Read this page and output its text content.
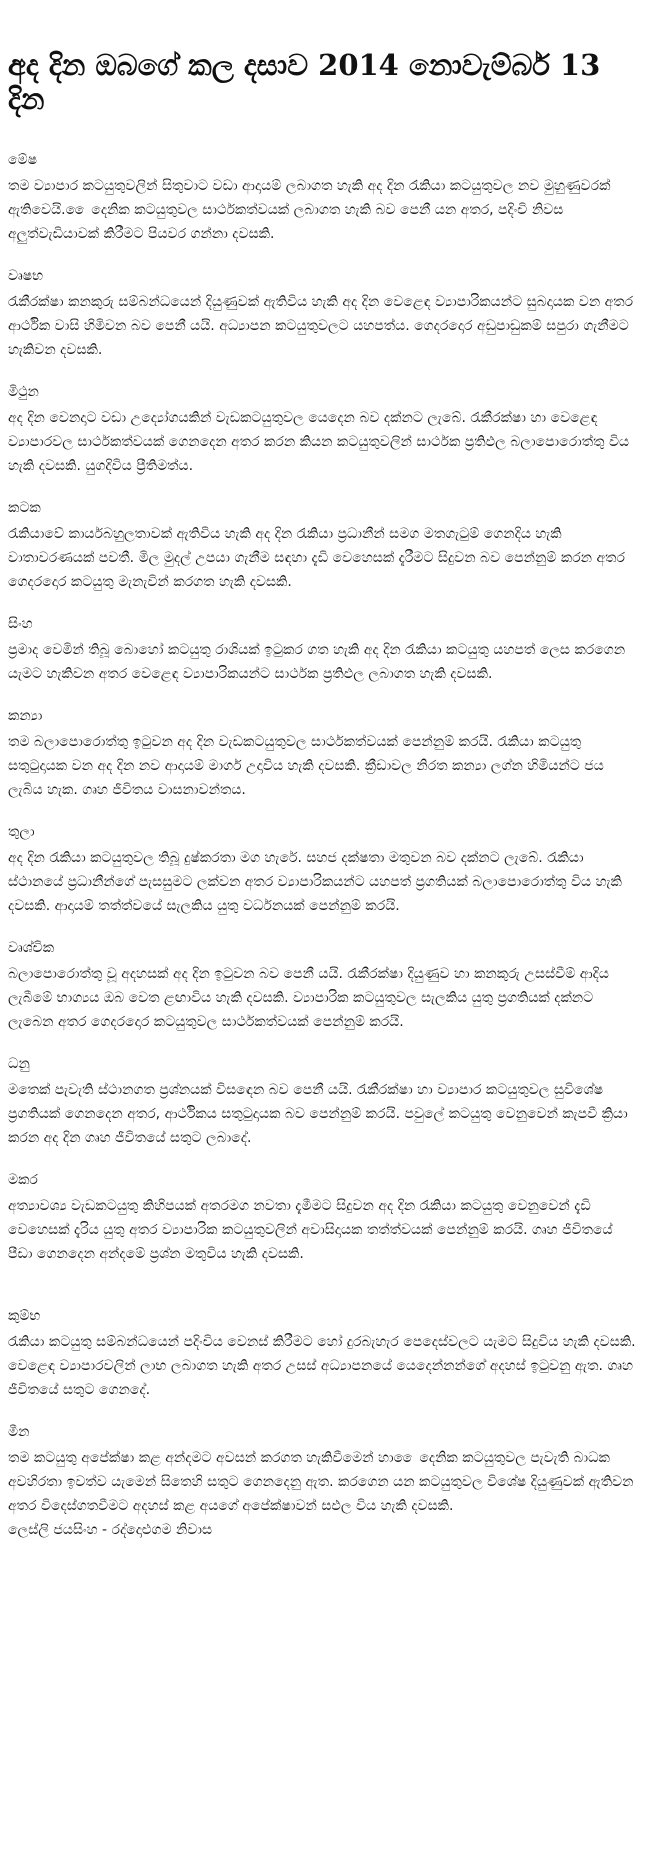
අද දින ඔබගේ කල දසාව 2014 නොවැම්බර් 13 දින
මේෂ

තම ව්‍යාපාර කටයුතුවලින් සිතුවාට වඩා ආදායම් ලබාගත හැකි අද දින රැකියා කටයුතුවල නව මුහුණුවරක් ඇතිවෙයි. ෛදෙනික කටයුතුවල සාර්ථකත්වයක් ලබාගත හැකි බව පෙනී යන අතර, පදිංචි නිවස අලුත්වැඩියාවක් කිරීමට පියවර ගන්නා දවසකි.

වෘෂභ

රැකීරක්ෂා කනකුරු සම්බන්ධයෙන් දියුණුවක් ඇතිවිය හැකි අද දින වෙළෙඳ ව්‍යාපාරිකයන්ට සුබදායක වන අතර ආර්ථික වාසි හිමිවන බව පෙනී යයි. අධ්‍යාපන කටයුතුවලට යහපත්ය. ගෙදරදොර අඩුපාඩුකම් සපුරා ගැනීමට හැකිවන දවසකි.

මිථුන

අද දින වෙනදාට වඩා උද්‍යෝගයකින් වැඩකටයුතුවල යෙදෙන බව දක්නට ලැබේ. රැකීරක්ෂා හා වෙළෙඳ ව්‍යාපාරවල සාර්ථකත්වයක් ගෙනදෙන අතර කරන කියන කටයුතුවලින් සාර්ථක ප්‍රතිඵල බලාපොරොත්තු විය හැකි දවසකි. යුගදිවිය ප්‍රීතිමත්ය.

කටක

රැකියාවේ කාර්යබහුලතාවක් ඇතිවිය හැකි අද දින රැකියා ප්‍රධානීන් සමග මතගැටුම් ගෙනදිය හැකි වාතාවරණයක් පවතී. මිල මුදල් උපයා ගැනීම සඳහා දැඩි වෙහෙසක් දැරීමට සිදුවන බව පෙන්නුම් කරන අතර ගෙදරදොර කටයුතු මැනැවින් කරගත හැකි දවසකි.

සිංහ

ප්‍රමාද වෙමින් තිබූ බොහෝ කටයුතු රාශියක් ඉටුකර ගත හැකි අද දින රැකියා කටයුතු යහපත් ලෙස කරගෙන යැමට හැකිවන අතර වෙළෙඳ ව්‍යාපාරිකයන්ට සාර්ථක ප්‍රතිඵල ලබාගත හැකි දවසකි.

කන්‍යා

තම බලාපොරොත්තු ඉටුවන අද දින වැඩකටයුතුවල සාර්ථකත්වයක් පෙන්නුම් කරයි. රැකියා කටයුතු සතුටුදායක වන අද දින නව ආදායම් මාර්ග උදාවිය හැකි දවසකි. ක්‍රීඩාවල නිරත කන්‍යා ලග්න හිමියන්ට ජය ලැබිය හැක. ගෘහ ජීවිතය වාසනාවන්තය.

තුලා

අද දින රැකියා කටයුතුවල තිබූ දුෂ්කරතා මග හැරේ. සහජ දක්ෂතා මතුවන බව දක්නට ලැබේ. රැකියා ස්ථානයේ ප්‍රධානීන්ගේ පැසසුමට ලක්වන අතර ව්‍යාපාරිකයන්ට යහපත් ප්‍රගතියක් බලාපොරොත්තු විය හැකි දවසකි. ආදායම් තත්ත්වයේ සැලකිය යුතු වර්ධනයක් පෙන්නුම් කරයි.

වෘශ්චික

බලාපොරොත්තු වූ අදහසක් අද දින ඉටුවන බව පෙනී යයි. රැකීරක්ෂා දියුණුව හා කනකුරු උසස්වීම් ආදිය ලැබීමේ භාග්‍යය ඔබ වෙත ළඟාවිය හැකි දවසකි. ව්‍යාපාරික කටයුතුවල සැලකිය යුතු ප්‍රගතියක් දක්නට ලැබෙන අතර ගෙදරදොර කටයුතුවල සාර්ථකත්වයක් පෙන්නුම් කරයි.

ධනු

මතෙක් පැවැති ස්ථානගත ප්‍රශ්නයක් විසඳෙන බව පෙනී යයි. රැකීරක්ෂා හා ව්‍යාපාර කටයුතුවල සුවිශේෂ ප්‍රගතියක් ගෙනදෙන අතර, ආර්ථිකය සතුටුදායක බව පෙන්නුම් කරයි. පවුලේ කටයුතු වෙනුවෙන් කැපවී ක්‍රියා කරන අද දින ගෘහ ජීවිතයේ සතුට ලබාදේ.

මකර

අත්‍යාවශ්‍ය වැඩකටයුතු කිහිපයක් අතරමග නවතා දැමීමට සිදුවන අද දින රැකියා කටයුතු වෙනුවෙන් දැඩි වෙහෙසක් දැරිය යුතු අතර ව්‍යාපාරික කටයුතුවලින් අවාසිදායක තත්ත්වයක් පෙන්නුම් කරයි. ගෘහ ජීවිතයේ පීඩා ගෙනදෙන අන්දමේ ප්‍රශ්න මතුවිය හැකි දවසකි.

කුම්භ

රැකියා කටයුතු සම්බන්ධයෙන් පදිංචිය වෙනස් කිරීමට හෝ දුරබැහැර පෙදෙස්වලට යැමට සිදුවිය හැකි දවසකි. වෙළෙඳ ව්‍යාපාරවලින් ලාභ ලබාගත හැකි අතර උසස් අධ්‍යාපනයේ යෙදෙන්නන්ගේ අදහස් ඉටුවනු ඇත. ගෘහ ජීවිතයේ සතුට ගෙනදේ.

මීන

තම කටයුතු අපේක්ෂා කළ අන්දමට අවසන් කරගත හැකිවීමෙන් හා ෛදෙනික කටයුතුවල පැවැති බාධක අවහිරතා ඉවත්ව යැමෙන් සිතෙහි සතුට ගෙනදෙනු ඇත. කරගෙන යන කටයුතුවල විශේෂ දියුණුවක් ඇතිවන අතර විදෙස්ගතවීමට අදහස් කළ අයගේ අපේක්ෂාවන් සඵල විය හැකි දවසකි.

ලෙස්ලි ජයසිංහ - රද්දොළුගම නිවාස
